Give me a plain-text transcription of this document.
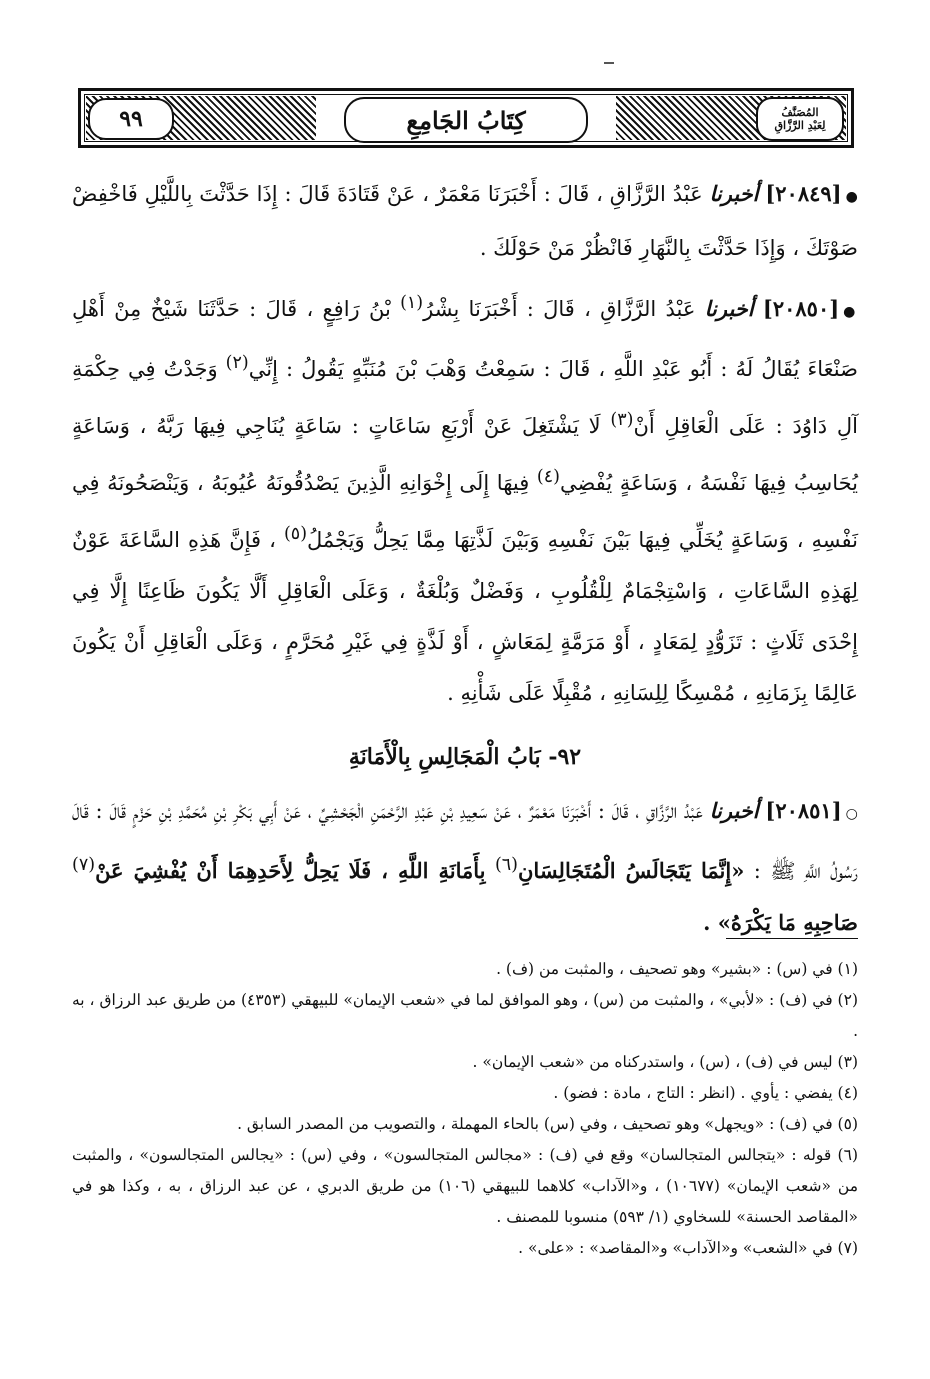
المُصَنَّفُ
لِعَبْدِ الرَّزَّاقِ
كِتَابُ الجَامِعِ
٩٩

●[٢٠٨٤٩] أخبرنا عَبْدُ الرَّزَّاقِ ، قَالَ : أَخْبَرَنَا مَعْمَرٌ ، عَنْ قَتَادَةَ قَالَ : إِذَا حَدَّثْتَ بِاللَّيْلِ فَاخْفِضْ صَوْتَكَ ، وَإِذَا حَدَّثْتَ بِالنَّهَارِ فَانْظُرْ مَنْ حَوْلَكَ .

●[٢٠٨٥٠] أخبرنا عَبْدُ الرَّزَّاقِ ، قَالَ : أَخْبَرَنَا بِشْرُ$^{(١)}$ بْنُ رَافِعٍ ، قَالَ : حَدَّثَنَا شَيْخٌ مِنْ أَهْلِ صَنْعَاءَ يُقَالُ لَهُ : أَبُو عَبْدِ اللَّهِ ، قَالَ : سَمِعْتُ وَهْبَ بْنَ مُنَبِّهٍ يَقُولُ : إِنِّي$^{(٢)}$ وَجَدْتُ فِي حِكْمَةِ آلِ دَاوُدَ : عَلَى الْعَاقِلِ أَنْ$^{(٣)}$ لَا يَشْتَغِلَ عَنْ أَرْبَعِ سَاعَاتٍ : سَاعَةٍ يُنَاجِي فِيهَا رَبَّهُ ، وَسَاعَةٍ يُحَاسِبُ فِيهَا نَفْسَهُ ، وَسَاعَةٍ يُفْضِي$^{(٤)}$ فِيهَا إِلَى إِخْوَانِهِ الَّذِينَ يَصْدُقُونَهُ عُيُوبَهُ ، وَيَنْصَحُونَهُ فِي نَفْسِهِ ، وَسَاعَةٍ يُخَلِّي فِيهَا بَيْنَ نَفْسِهِ وَبَيْنَ لَذَّتِهَا مِمَّا يَحِلُّ وَيَجْمُلُ$^{(٥)}$ ، فَإِنَّ هَذِهِ السَّاعَةَ عَوْنٌ لِهَذِهِ السَّاعَاتِ ، وَاسْتِجْمَامٌ لِلْقُلُوبِ ، وَفَضْلٌ وَبُلْغَةٌ ، وَعَلَى الْعَاقِلِ أَلَّا يَكُونَ ظَاعِنًا إِلَّا فِي إِحْدَى ثَلَاثٍ : تَزَوُّدٍ لِمَعَادٍ ، أَوْ مَرَمَّةٍ لِمَعَاشٍ ، أَوْ لَذَّةٍ فِي غَيْرِ مُحَرَّمٍ ، وَعَلَى الْعَاقِلِ أَنْ يَكُونَ عَالِمًا بِزَمَانِهِ ، مُمْسِكًا لِلِسَانِهِ ، مُقْبِلًا عَلَى شَأْنِهِ .

٩٢- بَابُ الْمَجَالِسِ بِالْأَمَانَةِ

○[٢٠٨٥١] أخبرنا عَبْدُ الرَّزَّاقِ ، قَالَ : أَخْبَرَنَا مَعْمَرٌ ، عَنْ سَعِيدِ بْنِ عَبْدِ الرَّحْمَنِ الْجَحْشِيِّ ، عَنْ أَبِي بَكْرِ بْنِ مُحَمَّدِ بْنِ حَزْمٍ قَالَ : قَالَ رَسُولُ اللَّهِ ﷺ : «إِنَّمَا يَتَجَالَسُ الْمُتَجَالِسَانِ$^{(٦)}$ بِأَمَانَةِ اللَّهِ ، فَلَا يَحِلُّ لِأَحَدِهِمَا أَنْ يُفْشِيَ عَنْ$^{(٧)}$ صَاحِبِهِ مَا يَكْرَهُ» .

(١) في (س) : «بشير» وهو تصحيف ، والمثبت من (ف) .

(٢) في (ف) : «لأبي» ، والمثبت من (س) ، وهو الموافق لما في «شعب الإيمان» للبيهقي (٤٣٥٣) من طريق عبد الرزاق ، به .

(٣) ليس في (ف) ، (س) ، واستدركناه من «شعب الإيمان» .

(٤) يفضي : يأوي . (انظر : التاج ، مادة : فضو) .

(٥) في (ف) : «ويجهل» وهو تصحيف ، وفي (س) بالحاء المهملة ، والتصويب من المصدر السابق .

(٦) قوله : «يتجالس المتجالسان» وقع في (ف) : «مجالس المتجالسون» ، وفي (س) : «يجالس المتجالسون» ، والمثبت من «شعب الإيمان» (١٠٦٧٧) ، و«الآداب» كلاهما للبيهقي (١٠٦) من طريق الدبري ، عن عبد الرزاق ، به ، وكذا هو في «المقاصد الحسنة» للسخاوي (١/ ٥٩٣) منسوبا للمصنف .

(٧) في «الشعب» و«الآداب» و«المقاصد» : «على» .
